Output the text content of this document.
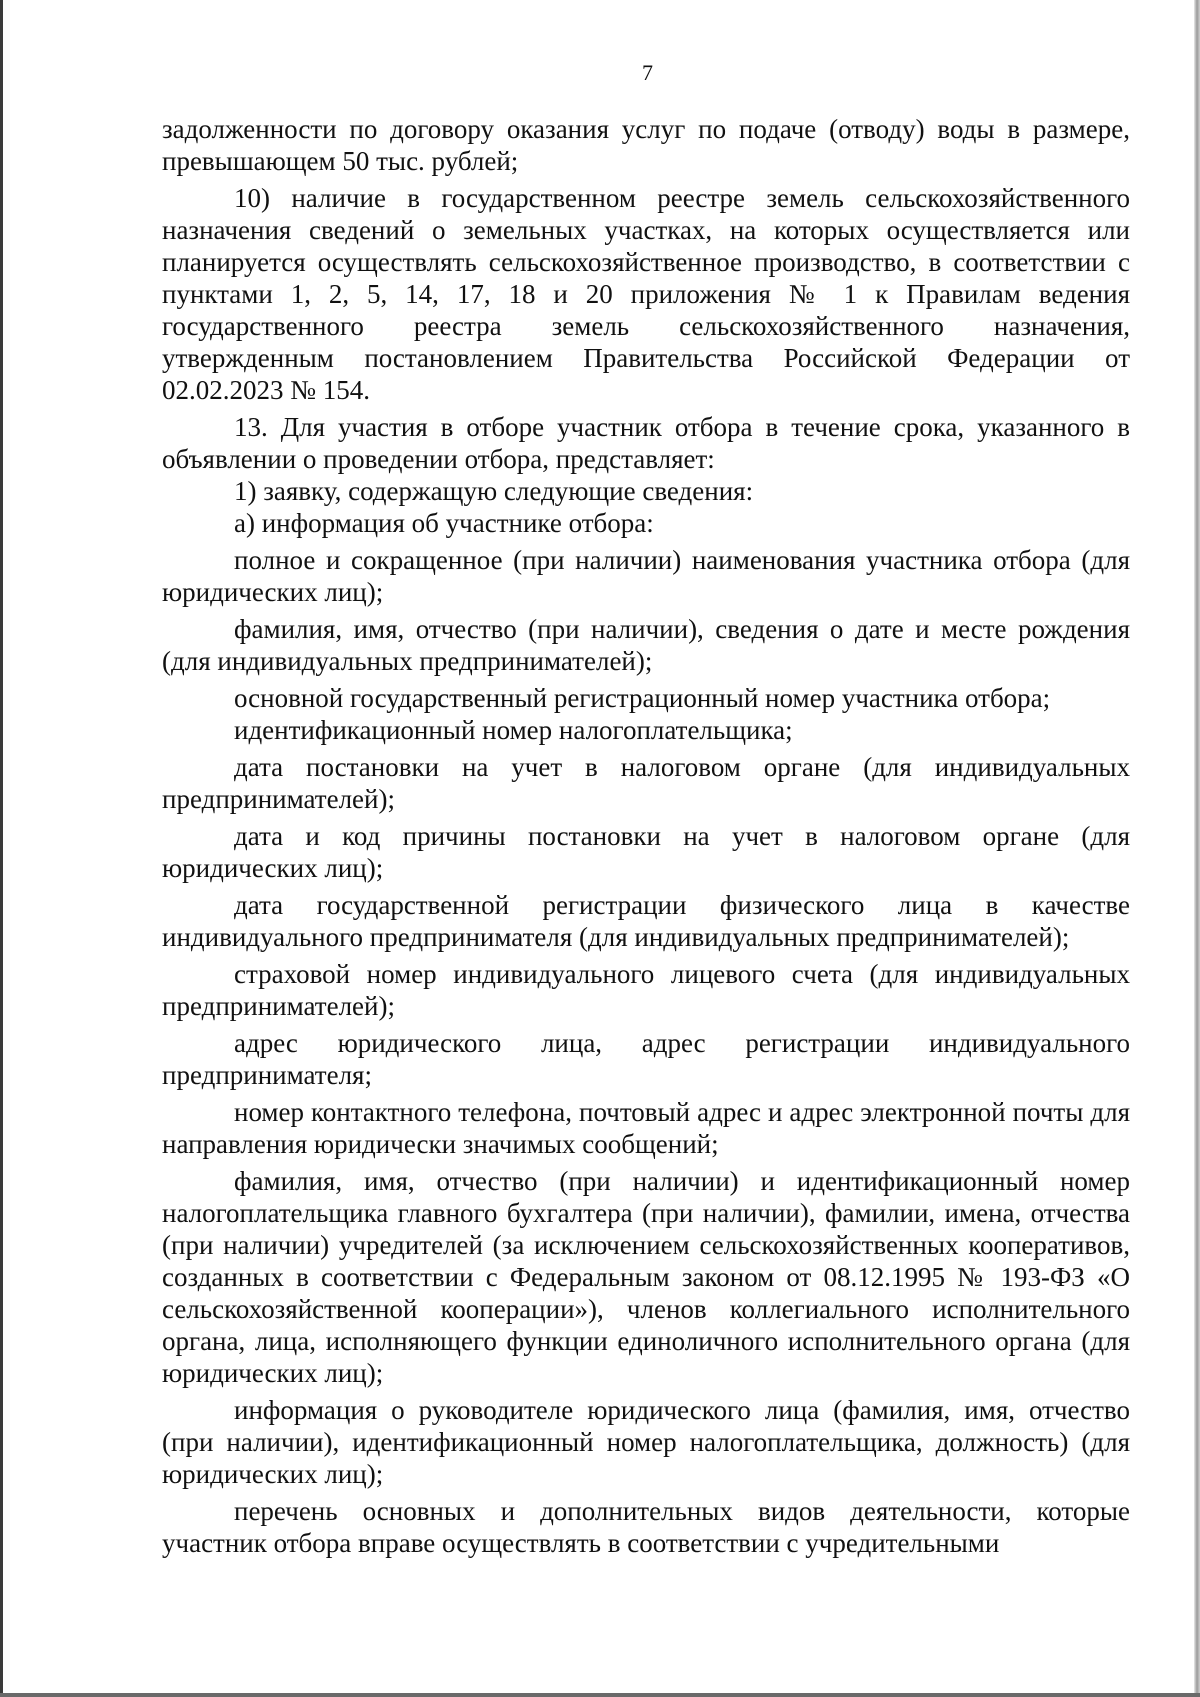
7

задолженности по договору оказания услуг по подаче (отводу) воды в размере, превышающем 50 тыс. рублей;

10) наличие в государственном реестре земель сельскохозяйственного назначения сведений о земельных участках, на которых осуществляется или планируется осуществлять сельскохозяйственное производство, в соответствии с пунктами 1, 2, 5, 14, 17, 18 и 20 приложения № 1 к Правилам ведения государственного реестра земель сельскохозяйственного назначения, утвержденным постановлением Правительства Российской Федерации от 02.02.2023 № 154.

13. Для участия в отборе участник отбора в течение срока, указанного в объявлении о проведении отбора, представляет:

1) заявку, содержащую следующие сведения:

а) информация об участнике отбора:

полное и сокращенное (при наличии) наименования участника отбора (для юридических лиц);

фамилия, имя, отчество (при наличии), сведения о дате и месте рождения (для индивидуальных предпринимателей);

основной государственный регистрационный номер участника отбора;

идентификационный номер налогоплательщика;

дата постановки на учет в налоговом органе (для индивидуальных предпринимателей);

дата и код причины постановки на учет в налоговом органе (для юридических лиц);

дата государственной регистрации физического лица в качестве индивидуального предпринимателя (для индивидуальных предпринимателей);

страховой номер индивидуального лицевого счета (для индивидуальных предпринимателей);

адрес юридического лица, адрес регистрации индивидуального предпринимателя;

номер контактного телефона, почтовый адрес и адрес электронной почты для направления юридически значимых сообщений;

фамилия, имя, отчество (при наличии) и идентификационный номер налогоплательщика главного бухгалтера (при наличии), фамилии, имена, отчества (при наличии) учредителей (за исключением сельскохозяйственных кооперативов, созданных в соответствии с Федеральным законом от 08.12.1995 № 193-ФЗ «О сельскохозяйственной кооперации»), членов коллегиального исполнительного органа, лица, исполняющего функции единоличного исполнительного органа (для юридических лиц);

информация о руководителе юридического лица (фамилия, имя, отчество (при наличии), идентификационный номер налогоплательщика, должность) (для юридических лиц);

перечень основных и дополнительных видов деятельности, которые участник отбора вправе осуществлять в соответствии с учредительными
